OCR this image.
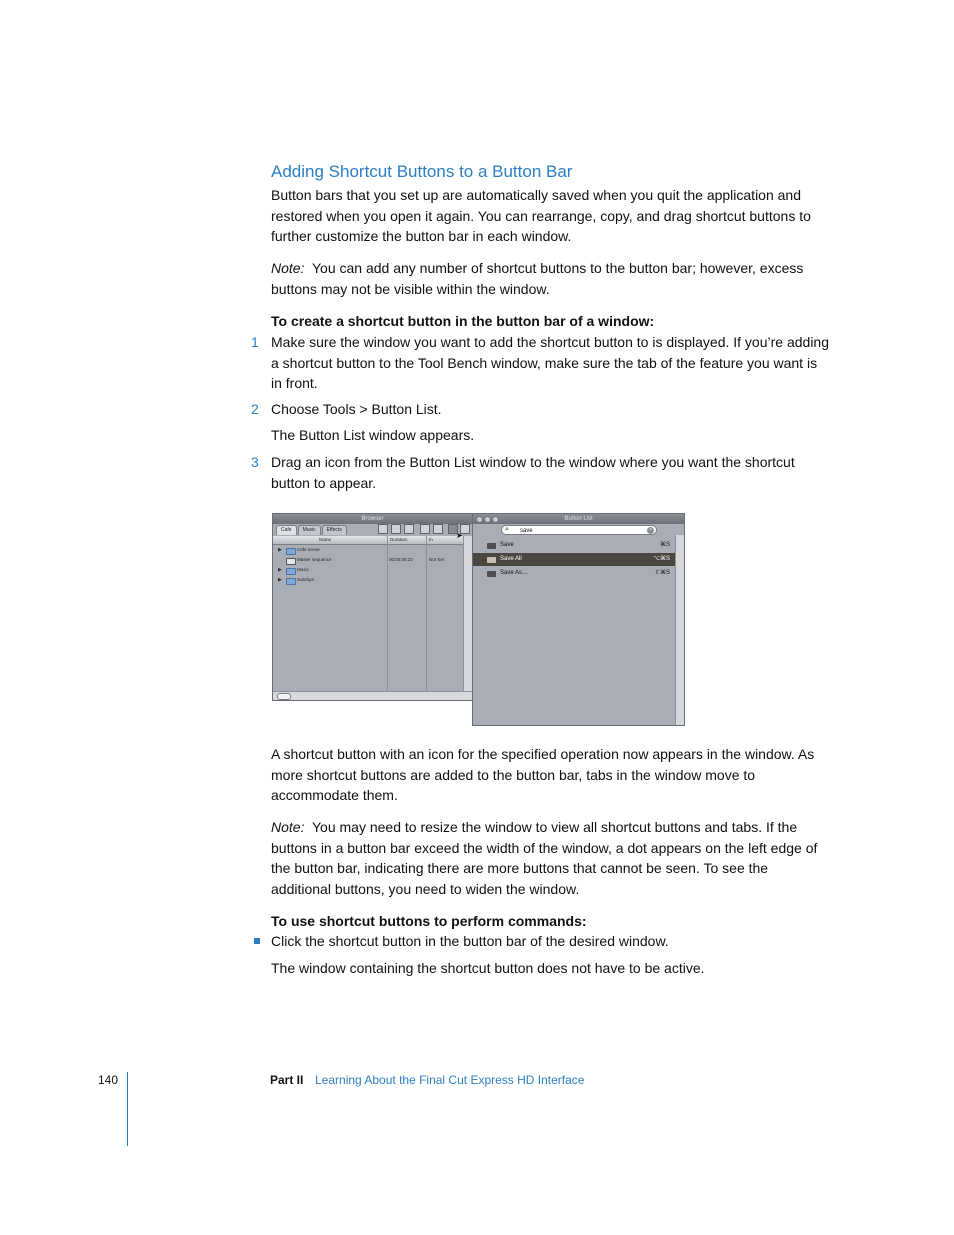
Adding Shortcut Buttons to a Button Bar

Button bars that you set up are automatically saved when you quit the application and restored when you open it again. You can rearrange, copy, and drag shortcut buttons to further customize the button bar in each window.

Note: You can add any number of shortcut buttons to the button bar; however, excess buttons may not be visible within the window.

To create a shortcut button in the button bar of a window:

1 Make sure the window you want to add the shortcut button to is displayed. If you’re adding a shortcut button to the Tool Bench window, make sure the tab of the feature you want is in front.

2 Choose Tools > Button List.

The Button List window appears.

3 Drag an icon from the Button List window to the window where you want the shortcut button to appear.

Browser
Cafe	Music	Effects
Name	Duration	In
▶	Cafe scene
Master sequence	00:00:26:22	Not Set
▶	Music
▶	Subclips
Button List
⌕ save	×
Save	⌘S
Save All	⌥⌘S
Save As…	⇧⌘S
➤

A shortcut button with an icon for the specified operation now appears in the window. As more shortcut buttons are added to the button bar, tabs in the window move to accommodate them.

Note: You may need to resize the window to view all shortcut buttons and tabs. If the buttons in a button bar exceed the width of the window, a dot appears on the left edge of the button bar, indicating there are more buttons that cannot be seen. To see the additional buttons, you need to widen the window.

To use shortcut buttons to perform commands:

Click the shortcut button in the button bar of the desired window.

The window containing the shortcut button does not have to be active.

140	Part II Learning About the Final Cut Express HD Interface
